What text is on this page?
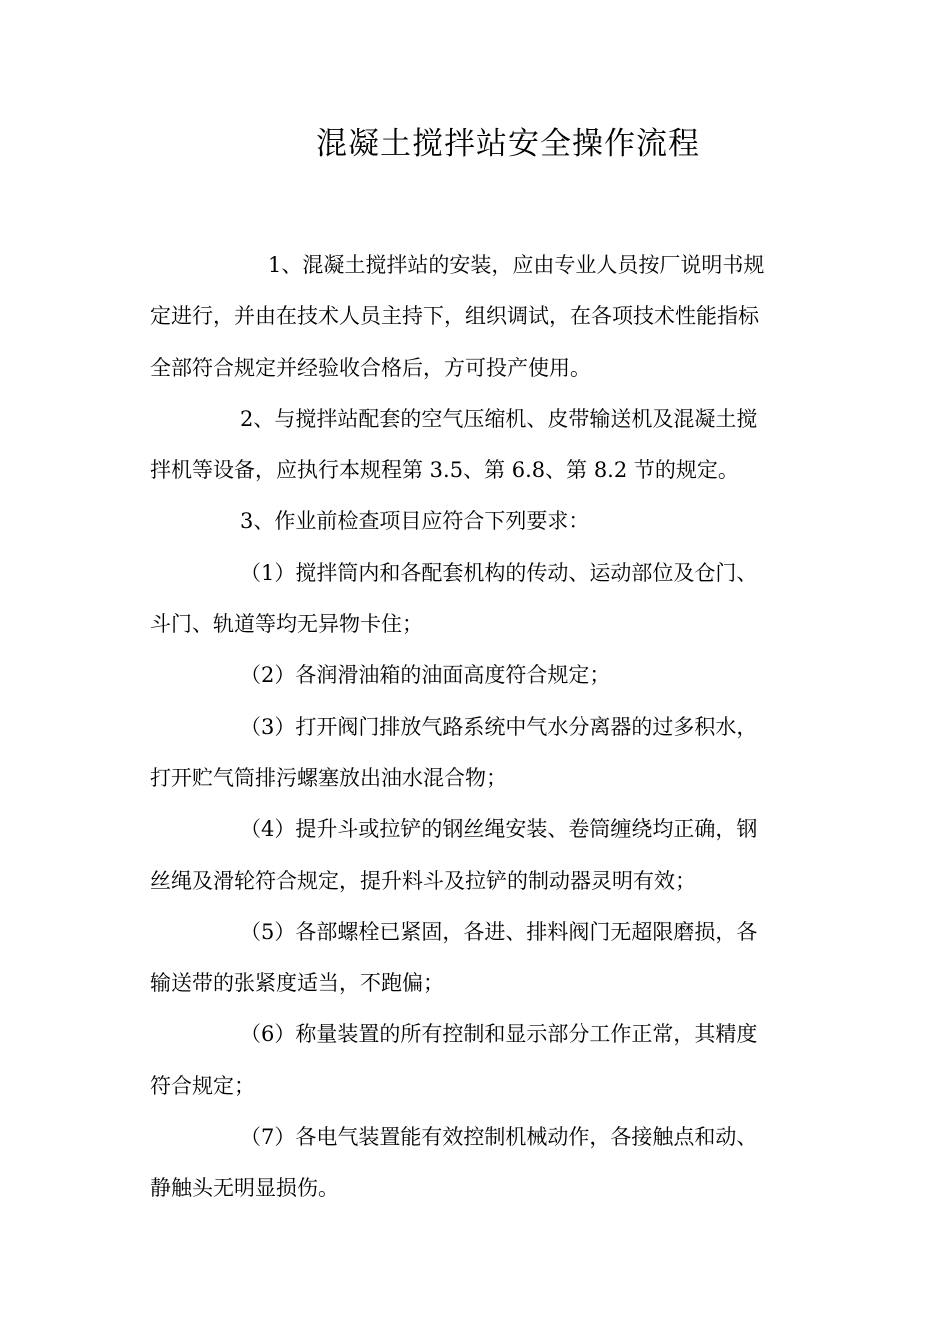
混凝土搅拌站安全操作流程

1、混凝土搅拌站的安装，应由专业人员按厂说明书规
定进行，并由在技术人员主持下，组织调试，在各项技术性能指标
全部符合规定并经验收合格后，方可投产使用。

2、与搅拌站配套的空气压缩机、皮带输送机及混凝土搅
拌机等设备，应执行本规程第 3.5、第 6.8、第 8.2 节的规定。

3、作业前检查项目应符合下列要求：

（1）搅拌筒内和各配套机构的传动、运动部位及仓门、
斗门、轨道等均无异物卡住；

（2）各润滑油箱的油面高度符合规定；

（3）打开阀门排放气路系统中气水分离器的过多积水，
打开贮气筒排污螺塞放出油水混合物；

（4）提升斗或拉铲的钢丝绳安装、卷筒缠绕均正确，钢
丝绳及滑轮符合规定，提升料斗及拉铲的制动器灵明有效；

（5）各部螺栓已紧固，各进、排料阀门无超限磨损，各
输送带的张紧度适当，不跑偏；

（6）称量装置的所有控制和显示部分工作正常，其精度
符合规定；

（7）各电气装置能有效控制机械动作，各接触点和动、
静触头无明显损伤。
